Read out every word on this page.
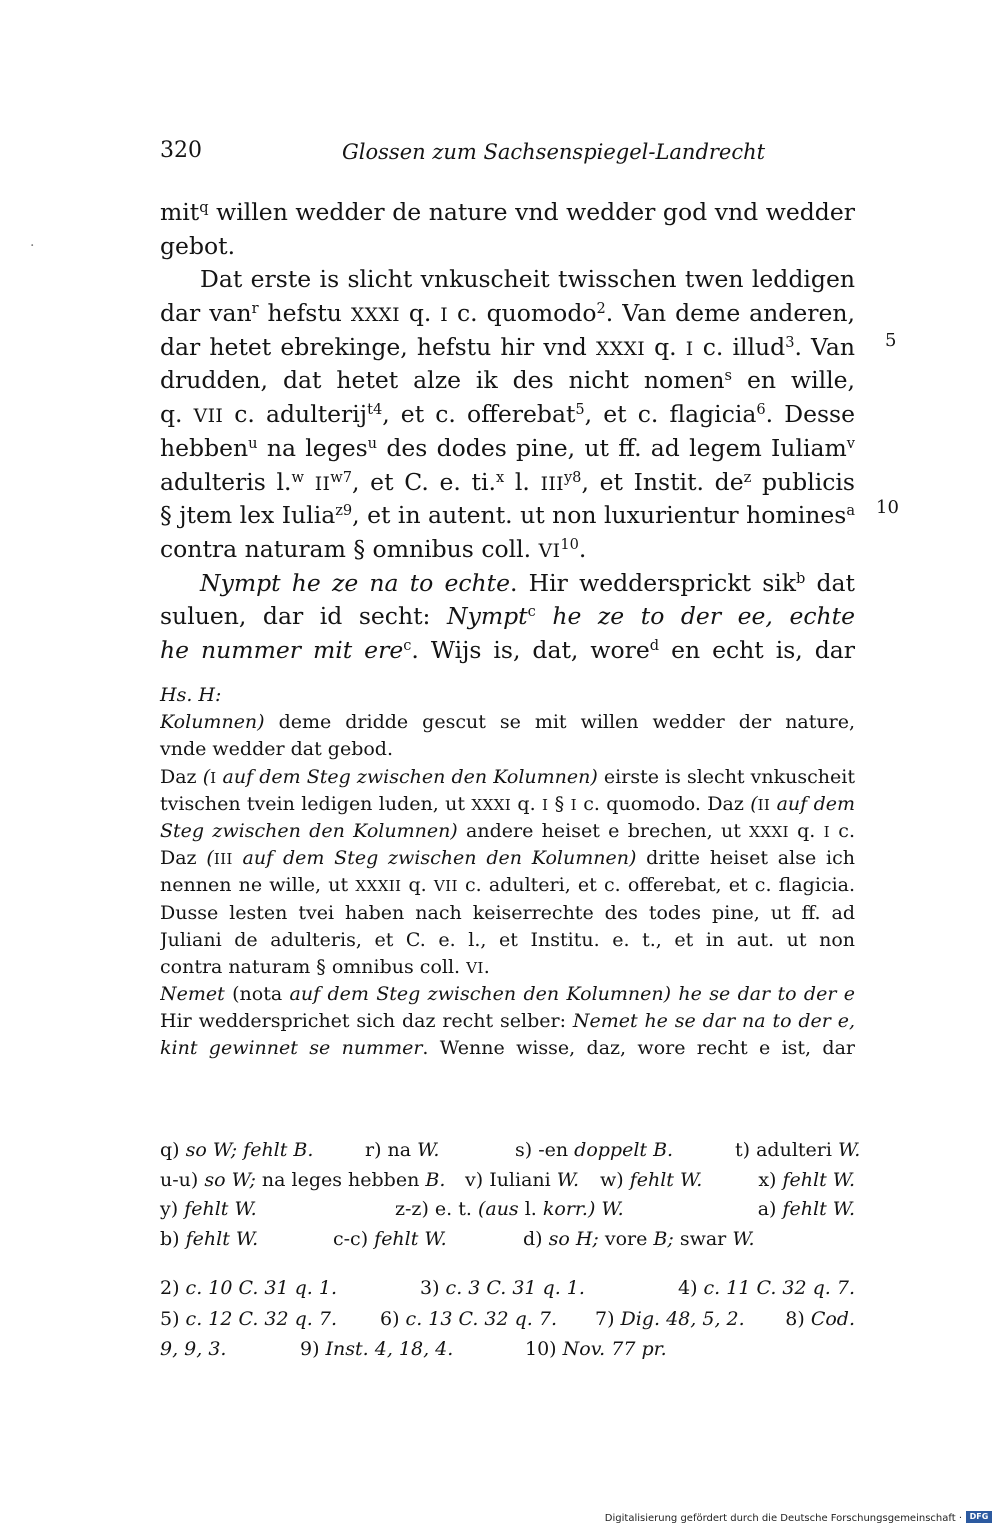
320	Glossen zum Sachsenspiegel-Landrecht
·
5
10
mit$^q$ willen wedder de nature vnd wedder god vnd wedder
gebot.
Dat erste is slicht vnkuscheit twisschen twen leddigen
dar van$^r$ hefstu XXXI q. I c. quomodo$^2$. Van deme anderen,
dar hetet ebrekinge, hefstu hir vnd XXXI q. I c. illud$^3$. Van
drudden, dat hetet alze ik des nicht nomen$^s$ en wille,
q. VII c. adulterij$^{t4}$, et c. offerebat$^5$, et c. flagicia$^6$. Desse
hebben$^u$ na leges$^u$ des dodes pine, ut ff. ad legem Iuliam$^v$
adulteris l.$^w$ $II^{w7}$, et C. e. ti.$^x$ l. $III^{y8}$, et Instit. $de^z$ publicis
§ jtem lex Iulia$^{z9}$, et in autent. ut non luxurientur homines$^a$
contra naturam § omnibus coll. VI$^{10}$.
Nympt he ze na to echte. Hir weddersprickt sik$^b$ dat
suluen, dar id secht: Nympt$^c$ he ze to der ee, echte
he nummer mit ere$^c$. Wijs is, dat, wore$^d$ en echt is, dar
Hs. H:
Kolumnen) deme dridde gescut se mit willen wedder der nature,
vnde wedder dat gebod.
Daz (I auf dem Steg zwischen den Kolumnen) eirste is slecht vnkuscheit
tvischen tvein ledigen luden, ut XXXI q. I § I c. quomodo. Daz (II auf dem
Steg zwischen den Kolumnen) andere heiset e brechen, ut XXXI q. I c.
Daz (III auf dem Steg zwischen den Kolumnen) dritte heiset alse ich
nennen ne wille, ut XXXII q. VII c. adulteri, et c. offerebat, et c. flagicia.
Dusse lesten tvei haben nach keiserrechte des todes pine, ut ff. ad
Juliani de adulteris, et C. e. l., et Institu. e. t., et in aut. ut non
contra naturam § omnibus coll. VI.
Nemet (nota auf dem Steg zwischen den Kolumnen) he se dar to der e
Hir weddersprichet sich daz recht selber: Nemet he se dar na to der e,
kint gewinnet se nummer. Wenne wisse, daz, wore recht e ist, dar
q) so W; fehlt B.	r) na W.	s) -en doppelt B.	t) adulteri W.
u-u) so W; na leges hebben B. v) Iuliani W. w) fehlt W.	x) fehlt W.
y) fehlt W.	z-z) e. t. (aus l. korr.) W.	a) fehlt W.
b) fehlt W.	c-c) fehlt W.	d) so H; vore B; swar W.
2) c. 10 C. 31 q. 1.	3) c. 3 C. 31 q. 1.	4) c. 11 C. 32 q. 7.
5) c. 12 C. 32 q. 7. 6) c. 13 C. 32 q. 7. 7) Dig. 48, 5, 2. 8) Cod.
9, 9, 3.	9) Inst. 4, 18, 4.	10) Nov. 77 pr.
Digitalisierung gefördert durch die Deutsche Forschungsgemeinschaft · DFG
